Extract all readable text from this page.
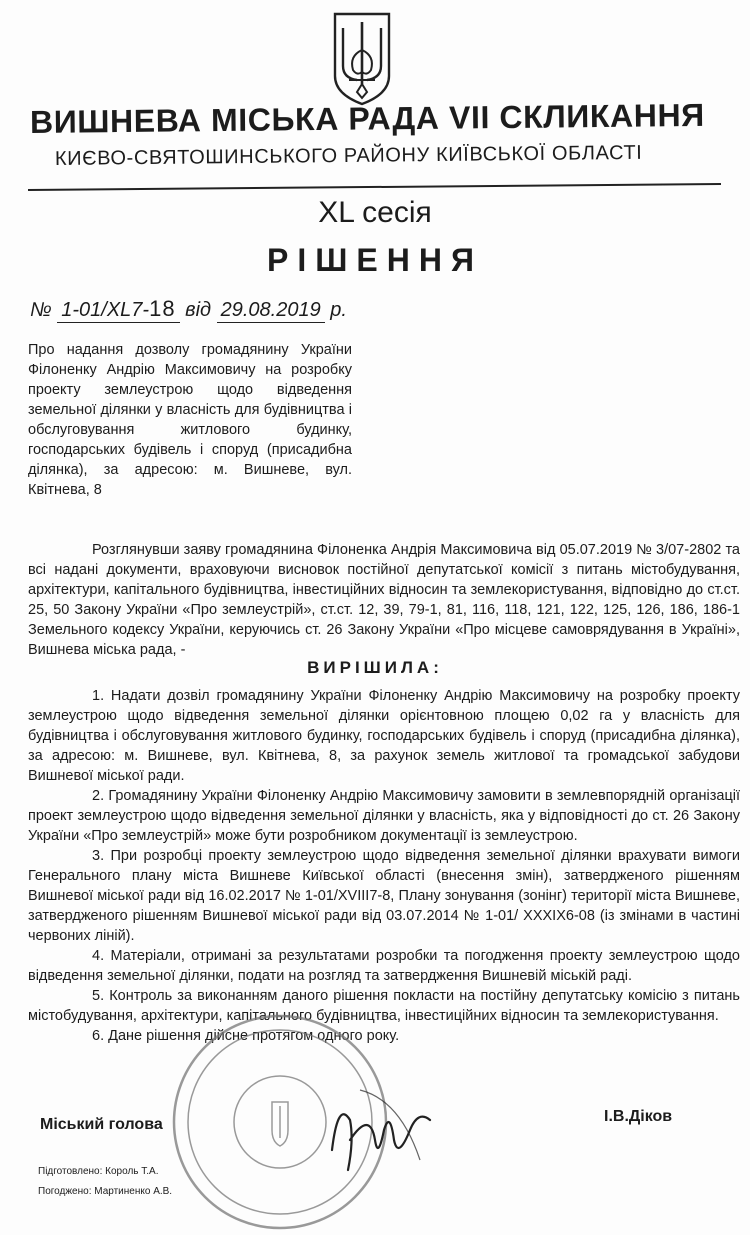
ВИШНЕВА МІСЬКА РАДА VII СКЛИКАННЯ
КИЄВО-СВЯТОШИНСЬКОГО РАЙОНУ КИЇВСЬКОЇ ОБЛАСТІ
XL сесія
РІШЕННЯ
№ 1-01/XL7-18 від 29.08.2019 р.

Про надання дозволу громадянину України Філоненку Андрію Максимовичу на розробку проекту землеустрою щодо відведення земельної ділянки у власність для будівництва і обслуговування житлового будинку, господарських будівель і споруд (присадибна ділянка), за адресою: м. Вишневе, вул. Квітнева, 8

Розглянувши заяву громадянина Філоненка Андрія Максимовича від 05.07.2019 № 3/07-2802 та всі надані документи, враховуючи висновок постійної депутатської комісії з питань містобудування, архітектури, капітального будівництва, інвестиційних відносин та землекористування, відповідно до ст.ст. 25, 50 Закону України «Про землеустрій», ст.ст. 12, 39, 79-1, 81, 116, 118, 121, 122, 125, 126, 186, 186-1 Земельного кодексу України, керуючись ст. 26 Закону України «Про місцеве самоврядування в Україні», Вишнева міська рада, -

ВИРІШИЛА:

1. Надати дозвіл громадянину України Філоненку Андрію Максимовичу на розробку проекту землеустрою щодо відведення земельної ділянки орієнтовною площею 0,02 га у власність для будівництва і обслуговування житлового будинку, господарських будівель і споруд (присадибна ділянка), за адресою: м. Вишневе, вул. Квітнева, 8, за рахунок земель житлової та громадської забудови Вишневої міської ради.

2. Громадянину України Філоненку Андрію Максимовичу замовити в землевпорядній організації проект землеустрою щодо відведення земельної ділянки у власність, яка у відповідності до ст. 26 Закону України «Про землеустрій» може бути розробником документації із землеустрою.

3. При розробці проекту землеустрою щодо відведення земельної ділянки врахувати вимоги Генерального плану міста Вишневе Київської області (внесення змін), затвердженого рішенням Вишневої міської ради від 16.02.2017 № 1-01/XVIII7-8, Плану зонування (зонінг) території міста Вишневе, затвердженого рішенням Вишневої міської ради від 03.07.2014 № 1-01/ XXXIX6-08 (із змінами в частині червоних ліній).

4. Матеріали, отримані за результатами розробки та погодження проекту землеустрою щодо відведення земельної ділянки, подати на розгляд та затвердження Вишневій міській раді.

5. Контроль за виконанням даного рішення покласти на постійну депутатську комісію з питань містобудування, архітектури, капітального будівництва, інвестиційних відносин та землекористування.

6. Дане рішення дійсне протягом одного року.

Міський голова	І.В.Діков
Підготовлено: Король Т.А.
Погоджено: Мартиненко А.В.
